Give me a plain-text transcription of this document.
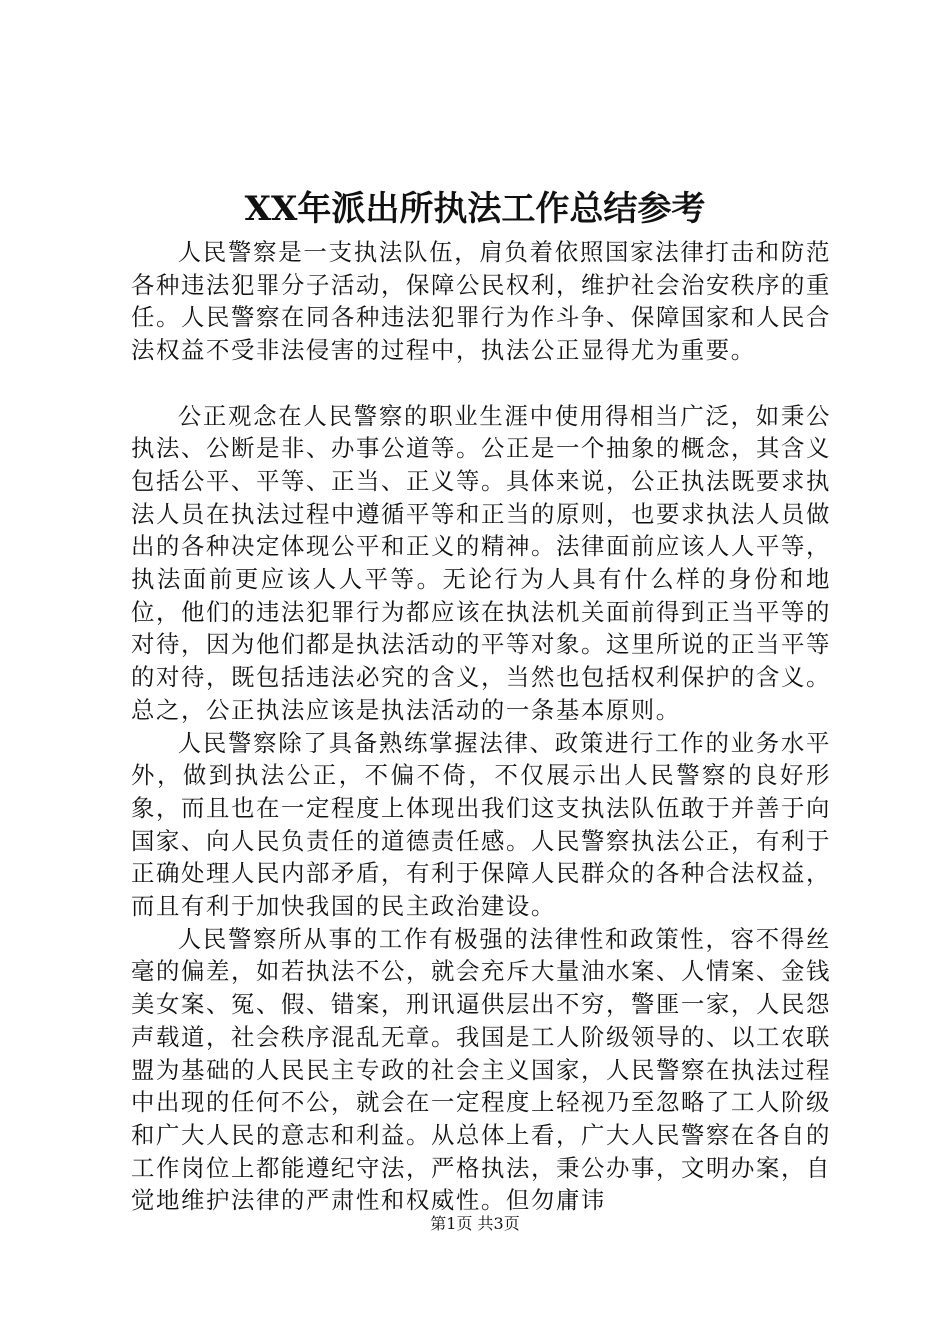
XX年派出所执法工作总结参考

人民警察是一支执法队伍，肩负着依照国家法律打击和防范各种违法犯罪分子活动，保障公民权利，维护社会治安秩序的重任。人民警察在同各种违法犯罪行为作斗争、保障国家和人民合法权益不受非法侵害的过程中，执法公正显得尤为重要。

公正观念在人民警察的职业生涯中使用得相当广泛，如秉公执法、公断是非、办事公道等。公正是一个抽象的概念，其含义包括公平、平等、正当、正义等。具体来说，公正执法既要求执法人员在执法过程中遵循平等和正当的原则，也要求执法人员做出的各种决定体现公平和正义的精神。法律面前应该人人平等，执法面前更应该人人平等。无论行为人具有什么样的身份和地位，他们的违法犯罪行为都应该在执法机关面前得到正当平等的对待，因为他们都是执法活动的平等对象。这里所说的正当平等的对待，既包括违法必究的含义，当然也包括权利保护的含义。总之，公正执法应该是执法活动的一条基本原则。

人民警察除了具备熟练掌握法律、政策进行工作的业务水平外，做到执法公正，不偏不倚，不仅展示出人民警察的良好形象，而且也在一定程度上体现出我们这支执法队伍敢于并善于向国家、向人民负责任的道德责任感。人民警察执法公正，有利于正确处理人民内部矛盾，有利于保障人民群众的各种合法权益，而且有利于加快我国的民主政治建设。

人民警察所从事的工作有极强的法律性和政策性，容不得丝毫的偏差，如若执法不公，就会充斥大量油水案、人情案、金钱美女案、冤、假、错案，刑讯逼供层出不穷，警匪一家，人民怨声载道，社会秩序混乱无章。我国是工人阶级领导的、以工农联盟为基础的人民民主专政的社会主义国家，人民警察在执法过程中出现的任何不公，就会在一定程度上轻视乃至忽略了工人阶级和广大人民的意志和利益。从总体上看，广大人民警察在各自的工作岗位上都能遵纪守法，严格执法，秉公办事，文明办案，自觉地维护法律的严肃性和权威性。但勿庸讳

第1页 共3页
